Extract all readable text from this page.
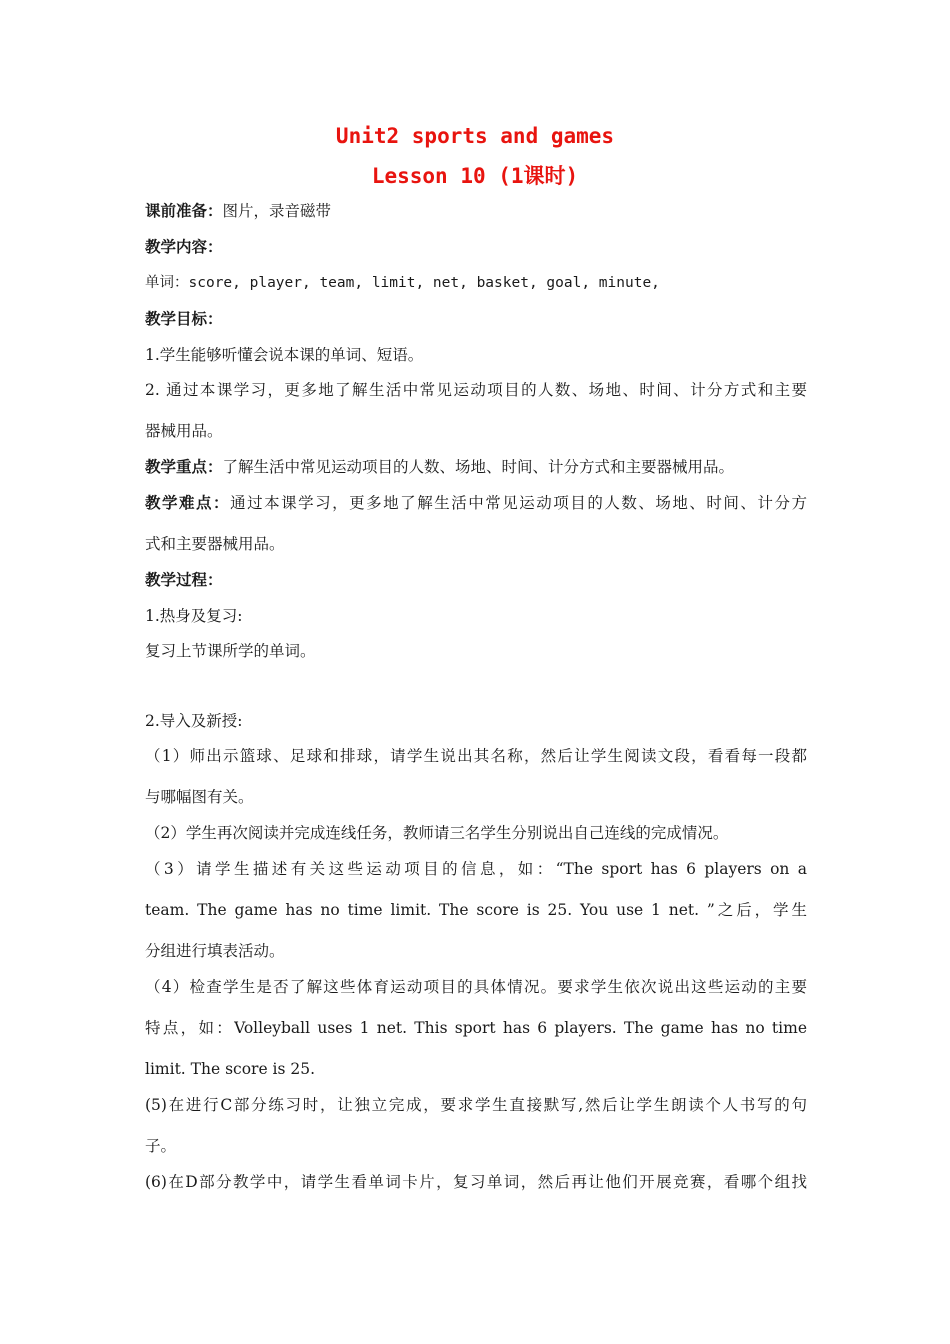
Unit2 sports and games
Lesson 10 (1课时)
课前准备：图片，录音磁带
教学内容：
单词：score, player, team, limit, net, basket, goal, minute,
教学目标：
1.学生能够听懂会说本课的单词、短语。
2. 通过本课学习，更多地了解生活中常见运动项目的人数、场地、时间、计分方式和主要
器械用品。
教学重点：了解生活中常见运动项目的人数、场地、时间、计分方式和主要器械用品。
教学难点：通过本课学习，更多地了解生活中常见运动项目的人数、场地、时间、计分方
式和主要器械用品。
教学过程：
1.热身及复习:
复习上节课所学的单词。
2.导入及新授:
（1）师出示篮球、足球和排球，请学生说出其名称，然后让学生阅读文段，看看每一段都
与哪幅图有关。
（2）学生再次阅读并完成连线任务，教师请三名学生分别说出自己连线的完成情况。
（3）请学生描述有关这些运动项目的信息，如：“The sport has 6 players on a
team. The game has no time limit. The score is 25. You use 1 net. ”之后，学生
分组进行填表活动。
（4）检查学生是否了解这些体育运动项目的具体情况。要求学生依次说出这些运动的主要
特点，如：Volleyball uses 1 net. This sport has 6 players. The game has no time
limit. The score is 25.
(5)在进行C部分练习时，让独立完成，要求学生直接默写,然后让学生朗读个人书写的句
子。
(6)在D部分教学中，请学生看单词卡片，复习单词，然后再让他们开展竞赛，看哪个组找
